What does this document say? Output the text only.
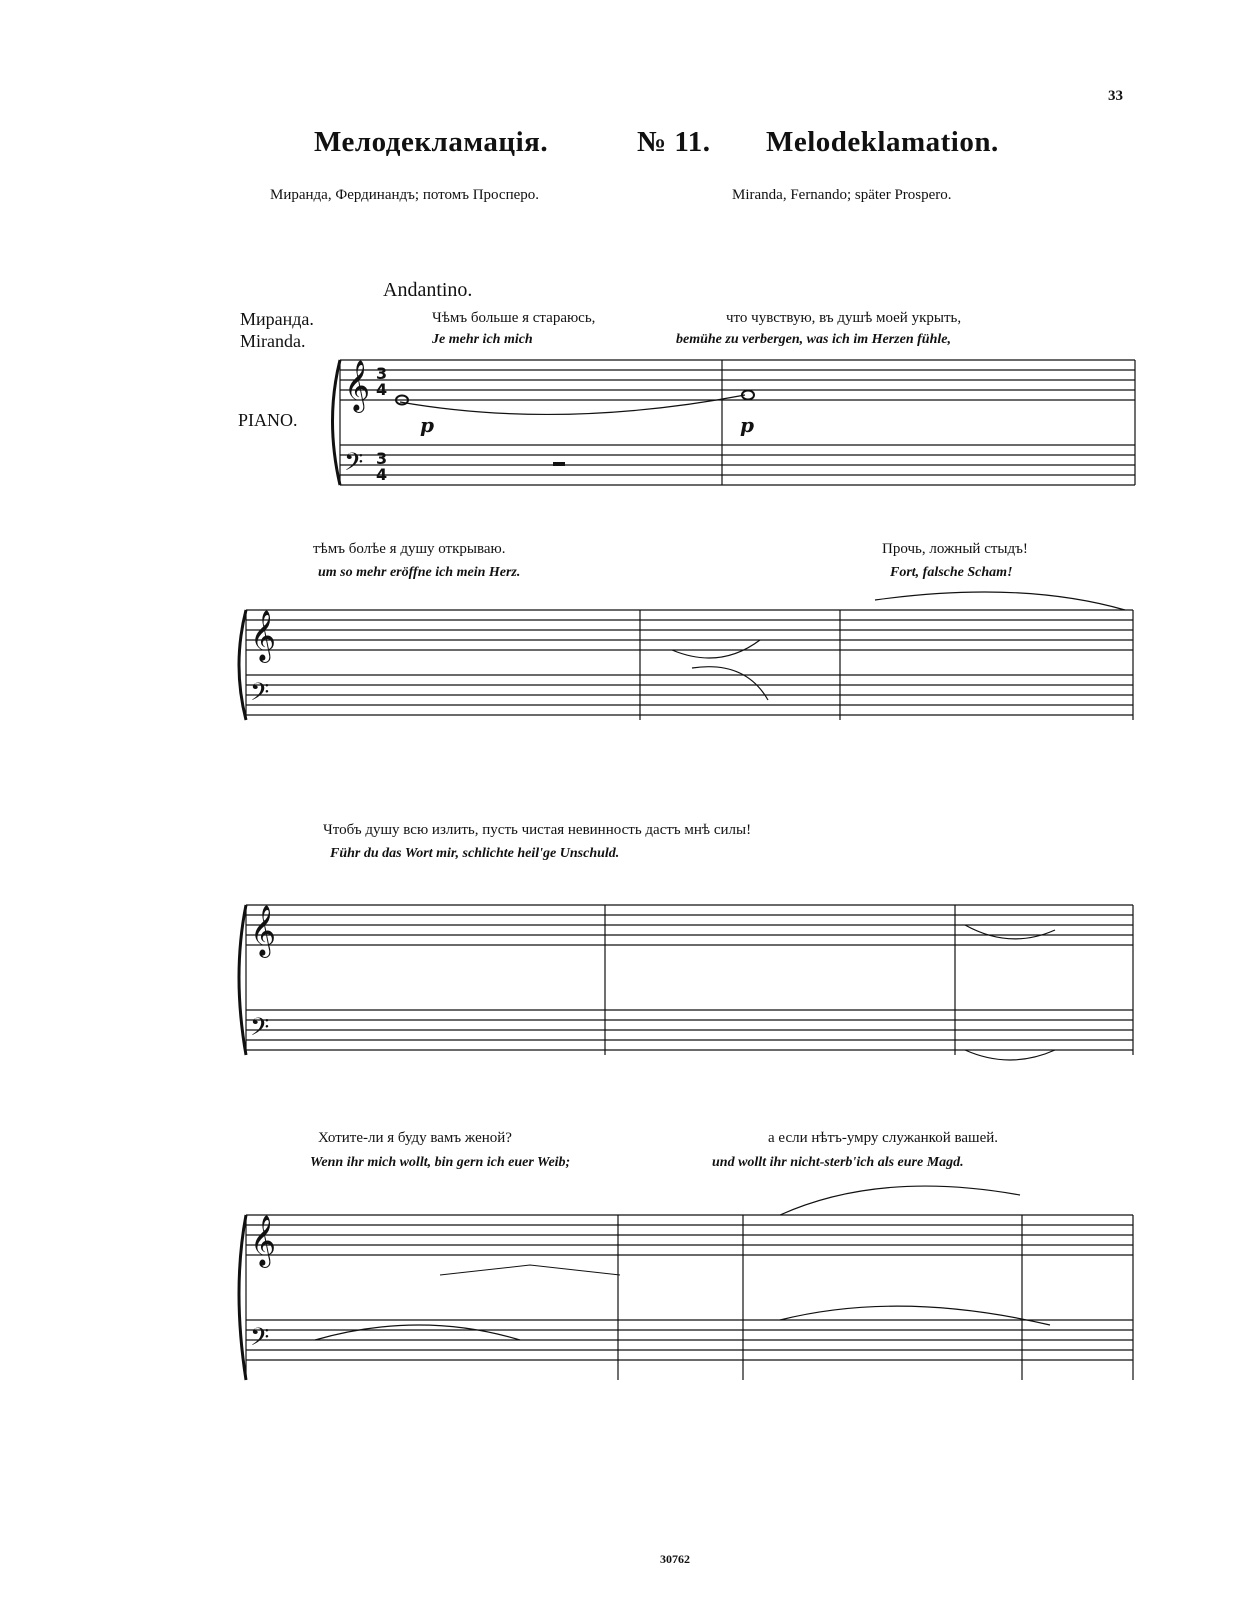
33
Мелодекламація.	№ 11. Melodeklamation.
Миранда, Фердинандъ; потомъ Просперо.	Miranda, Fernando; später Prospero.
Andantino.
Миранда.
Miranda.
PIANO.
Чѣмъ больше я стараюсь,	что чувствую, въ душѣ моей укрыть,
Je mehr ich mich	bemühe zu verbergen, was ich im Herzen fühle,
тѣмъ болѣе я душу открываю.	Прочь, ложный стыдъ!
um so mehr eröffne ich mein Herz.	Fort, falsche Scham!
Чтобъ душу всю излить, пусть чистая невинность дастъ мнѣ силы!
Führ du das Wort mir, schlichte heil'ge Unschuld.
Хотите-ли я буду вамъ женой?	а если нѣтъ-умру служанкой вашей.
Wenn ihr mich wollt, bin gern ich euer Weib;	und wollt ihr nicht-sterb'ich als eure Magd.
𝄞
𝄢
𝄞
𝄢
𝄞
𝄢
𝄞
𝄢
3
4
3
4
p	p
30762
